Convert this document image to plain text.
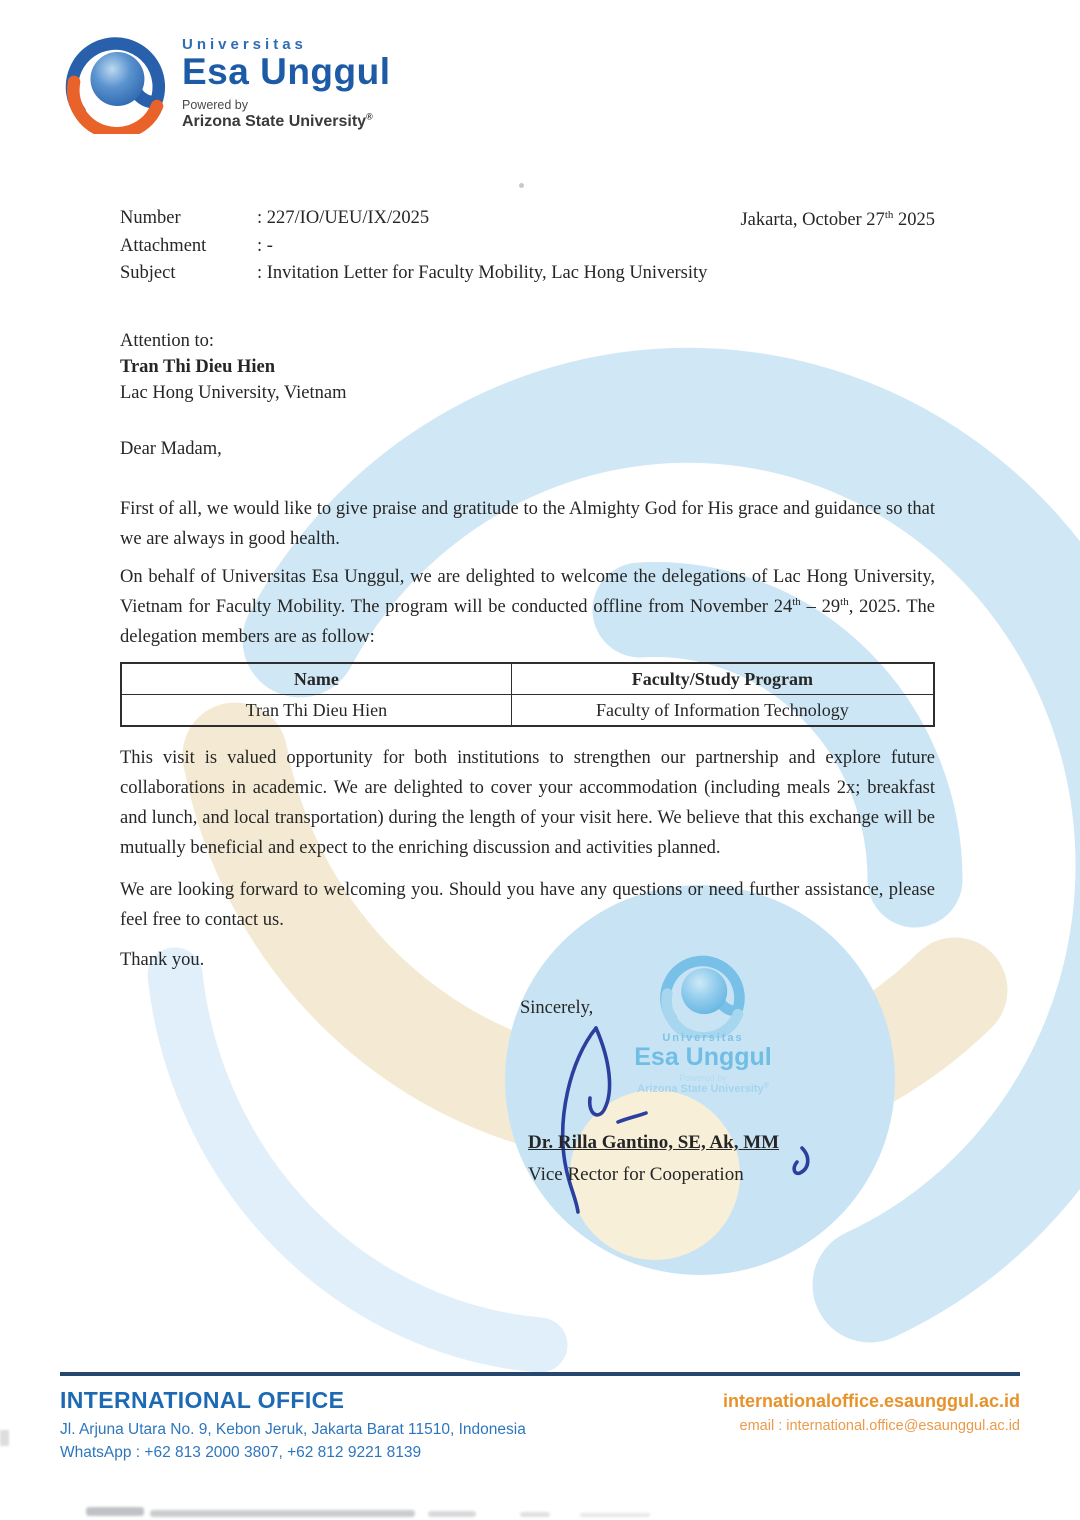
Universitas
Esa Unggul
Powered by
Arizona State University®
Number	: 227/IO/UEU/IX/2025
Attachment	: -
Subject	: Invitation Letter for Faculty Mobility, Lac Hong University
Jakarta, October 27th 2025
Attention to:
Tran Thi Dieu Hien
Lac Hong University, Vietnam
Dear Madam,

First of all, we would like to give praise and gratitude to the Almighty God for His grace and guidance so that we are always in good health.

On behalf of Universitas Esa Unggul, we are delighted to welcome the delegations of Lac Hong University, Vietnam for Faculty Mobility. The program will be conducted offline from November 24th – 29th, 2025. The delegation members are as follow:

Name	Faculty/Study Program
Tran Thi Dieu Hien	Faculty of Information Technology

This visit is valued opportunity for both institutions to strengthen our partnership and explore future collaborations in academic. We are delighted to cover your accommodation (including meals 2x; breakfast and lunch, and local transportation) during the length of your visit here. We believe that this exchange will be mutually beneficial and expect to the enriching discussion and activities planned.

We are looking forward to welcoming you. Should you have any questions or need further assistance, please feel free to contact us.

Thank you.

Sincerely,
Universitas
Esa Unggul
Powered by
Arizona State University®
Dr. Rilla Gantino, SE, Ak, MM
Vice Rector for Cooperation
INTERNATIONAL OFFICE
Jl. Arjuna Utara No. 9, Kebon Jeruk, Jakarta Barat 11510, Indonesia
WhatsApp : +62 813 2000 3807, +62 812 9221 8139
internationaloffice.esaunggul.ac.id
email : international.office@esaunggul.ac.id
